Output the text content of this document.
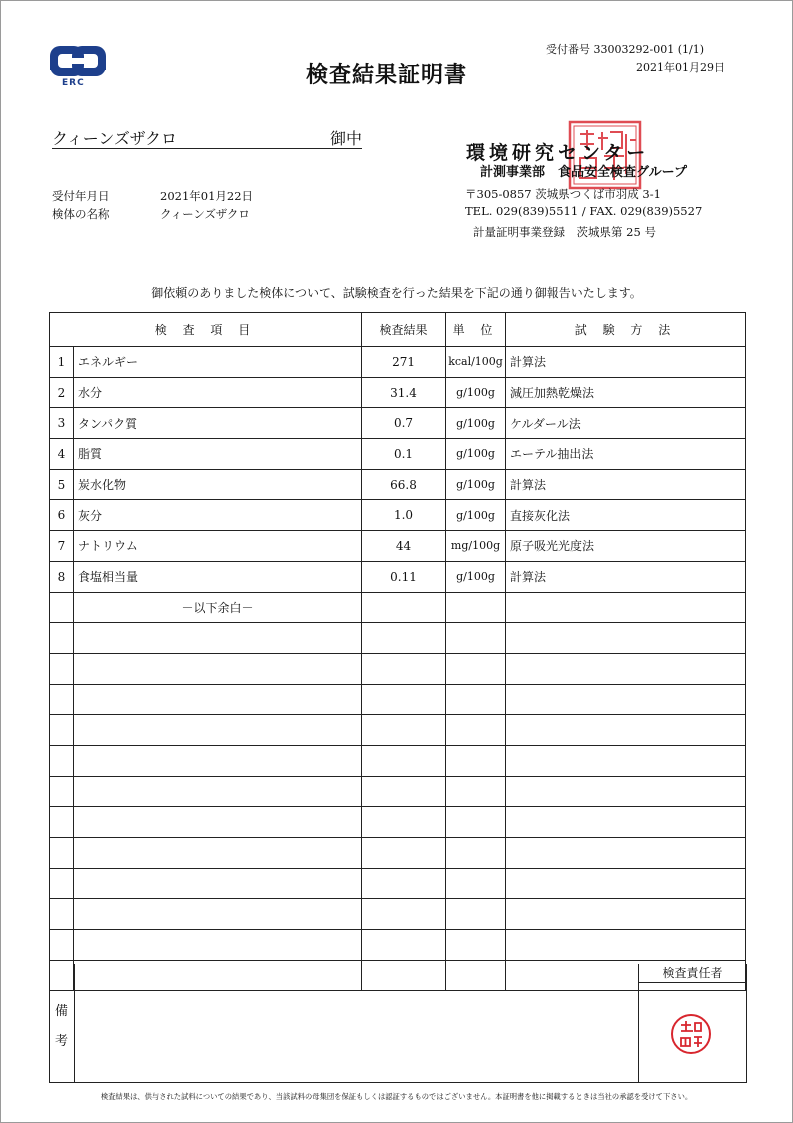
ERC	検査結果証明書
受付番号 33003292-001 (1/1)
2021年01月29日
クィーンズザクロ	御中
環境研究センター
計測事業部　食品安全検査グループ
受付年月日	2021年01月22日
検体の名称	クィーンズザクロ
〒305-0857 茨城県つくば市羽成 3-1
TEL. 029(839)5511 / FAX. 029(839)5527
計量証明事業登録　茨城県第 25 号
御依頼のありました検体について、試験検査を行った結果を下記の通り御報告いたします。
検 査 項 目		検査結果	単 位	試 験 方 法
1	エネルギー	271	kcal/100g	計算法
2	水分	31.4	g/100g	減圧加熱乾燥法
3	タンパク質	0.7	g/100g	ケルダール法
4	脂質	0.1	g/100g	エーテル抽出法
5	炭水化物	66.8	g/100g	計算法
6	灰分	1.0	g/100g	直接灰化法
7	ナトリウム	44	mg/100g	原子吸光光度法
8	食塩相当量	0.11	g/100g	計算法
	－以下余白－			

備
考
検査責任者
検査結果は、供与された試料についての結果であり、当該試料の母集団を保証もしくは認証するものではございません。本証明書を他に掲載するときは当社の承認を受けて下さい。
